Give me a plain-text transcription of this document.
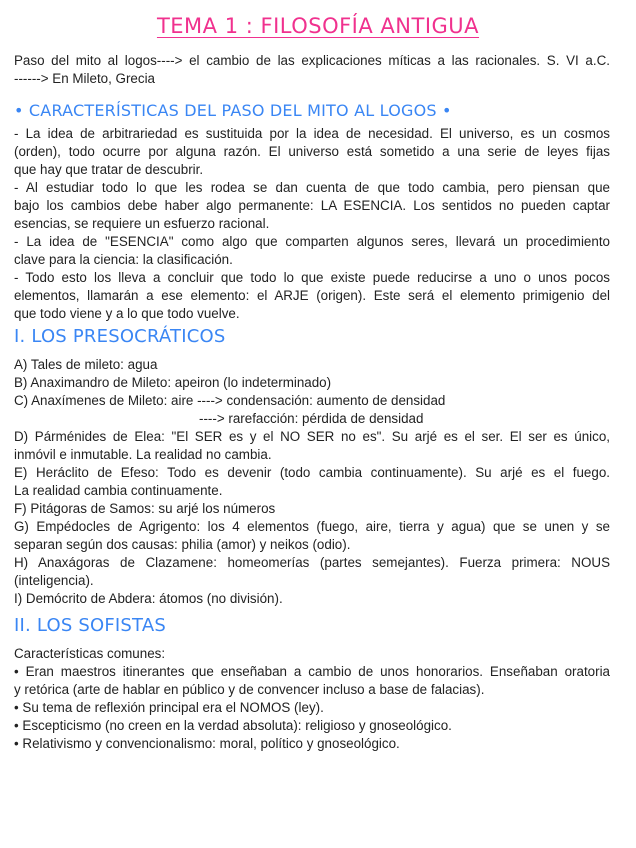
TEMA 1 : FILOSOFÍA ANTIGUA
Paso del mito al logos----> el cambio de las explicaciones míticas a las racionales. S. VI a.C.
------> En Mileto, Grecia
• CARACTERÍSTICAS DEL PASO DEL MITO AL LOGOS •
- La idea de arbitrariedad es sustituida por la idea de necesidad. El universo, es un cosmos
(orden), todo ocurre por alguna razón. El universo está sometido a una serie de leyes fijas
que hay que tratar de descubrir.
- Al estudiar todo lo que les rodea se dan cuenta de que todo cambia, pero piensan que
bajo los cambios debe haber algo permanente: LA ESENCIA. Los sentidos no pueden captar
esencias, se requiere un esfuerzo racional.
- La idea de "ESENCIA" como algo que comparten algunos seres, llevará un procedimiento
clave para la ciencia: la clasificación.
- Todo esto los lleva a concluir que todo lo que existe puede reducirse a uno o unos pocos
elementos, llamarán a ese elemento: el ARJE (origen). Este será el elemento primigenio del
que todo viene y a lo que todo vuelve.
I. LOS PRESOCRÁTICOS
A) Tales de mileto: agua
B) Anaximandro de Mileto: apeiron (lo indeterminado)
C) Anaxímenes de Mileto: aire ----> condensación: aumento de densidad
----> rarefacción: pérdida de densidad
D) Párménides de Elea: "El SER es y el NO SER no es". Su arjé es el ser. El ser es único,
inmóvil e inmutable. La realidad no cambia.
E) Heráclito de Efeso: Todo es devenir (todo cambia continuamente). Su arjé es el fuego.
La realidad cambia continuamente.
F) Pitágoras de Samos: su arjé los números
G) Empédocles de Agrigento: los 4 elementos (fuego, aire, tierra y agua) que se unen y se
separan según dos causas: philia (amor) y neikos (odio).
H) Anaxágoras de Clazamene: homeomerías (partes semejantes). Fuerza primera: NOUS
(inteligencia).
I) Demócrito de Abdera: átomos (no división).
II. LOS SOFISTAS
Características comunes:
• Eran maestros itinerantes que enseñaban a cambio de unos honorarios. Enseñaban oratoria
y retórica (arte de hablar en público y de convencer incluso a base de falacias).
• Su tema de reflexión principal era el NOMOS (ley).
• Escepticismo (no creen en la verdad absoluta): religioso y gnoseológico.
• Relativismo y convencionalismo: moral, político y gnoseológico.
